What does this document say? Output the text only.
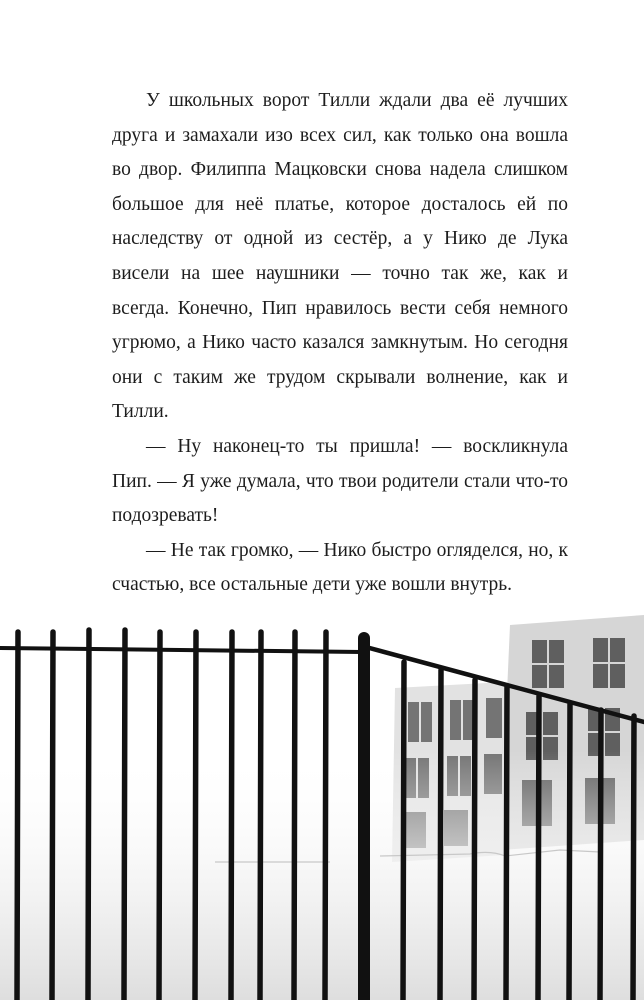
У школьных ворот Тилли ждали два её лучших друга и замахали изо всех сил, как только она вошла во двор. Филиппа Мацковски снова надела слишком большое для неё платье, которое досталось ей по наследству от одной из сестёр, а у Нико де Лука висели на шее наушники — точно так же, как и всегда. Конечно, Пип нравилось вести себя немного угрюмо, а Нико часто казался замкнутым. Но сегодня они с таким же трудом скрывали волнение, как и Тилли.

— Ну наконец-то ты пришла! — воскликнула Пип. — Я уже думала, что твои родители стали что-то подозревать!

— Не так громко, — Нико быстро огляделся, но, к счастью, все остальные дети уже вошли внутрь.
